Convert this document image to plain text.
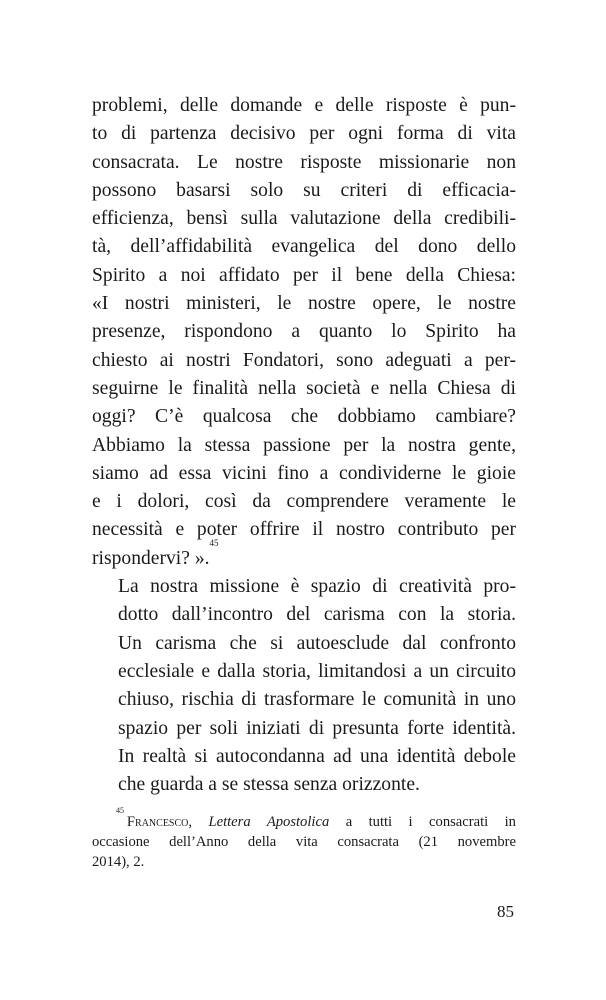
problemi, delle domande e delle risposte è pun-
to di partenza decisivo per ogni forma di vita
consacrata. Le nostre risposte missionarie non
possono basarsi solo su criteri di efficacia-
efficienza, bensì sulla valutazione della credibili-
tà, dell’affidabilità evangelica del dono dello
Spirito a noi affidato per il bene della Chiesa:
«I nostri ministeri, le nostre opere, le nostre
presenze, rispondono a quanto lo Spirito ha
chiesto ai nostri Fondatori, sono adeguati a per-
seguirne le finalità nella società e nella Chiesa di
oggi? C’è qualcosa che dobbiamo cambiare?
Abbiamo la stessa passione per la nostra gente,
siamo ad essa vicini fino a condividerne le gioie
e i dolori, così da comprendere veramente le
necessità e poter offrire il nostro contributo per
rispondervi? ».$^{45}$
La nostra missione è spazio di creatività pro-
dotto dall’incontro del carisma con la storia.
Un carisma che si autoesclude dal confronto
ecclesiale e dalla storia, limitandosi a un circuito
chiuso, rischia di trasformare le comunità in uno
spazio per soli iniziati di presunta forte identità.
In realtà si autocondanna ad una identità debole
che guarda a se stessa senza orizzonte.
$^{45}$ Francesco, Lettera Apostolica a tutti i consacrati in
occasione dell’Anno della vita consacrata (21 novembre
2014), 2.
85
